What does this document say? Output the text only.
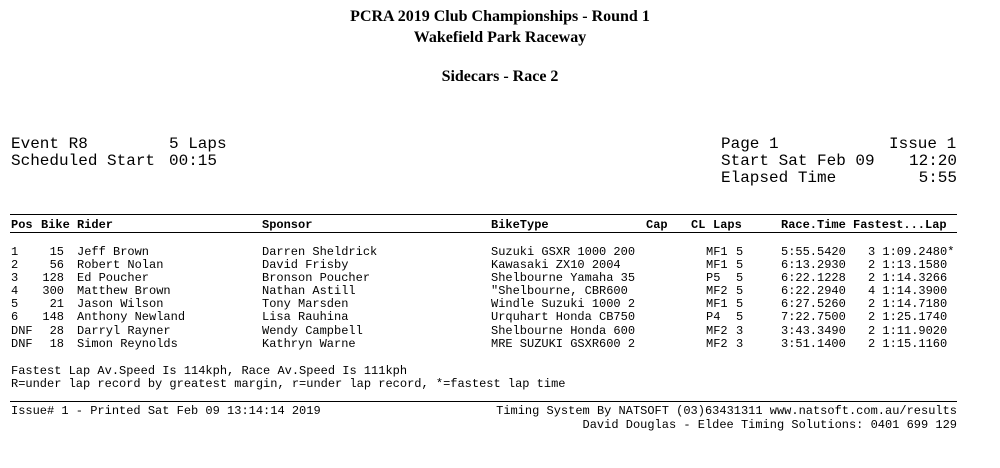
PCRA 2019 Club Championships - Round 1
Wakefield Park Raceway
Sidecars - Race 2
Event R8	5 Laps
Scheduled Start 00:15
Page 1	Issue 1
Start Sat Feb 09	12:20
Elapsed Time	5:55
Pos Bike Rider	Sponsor	BikeType	Cap CL Laps	Race.Time Fastest...Lap
1	15 Jeff Brown	Darren Sheldrick	Suzuki GSXR 1000 200	MF1 5	5:55.5420 3 1:09.2480*
2	56 Robert Nolan	David Frisby	Kawasaki ZX10 2004	MF1 5	6:13.2930 2 1:13.1580
3	128 Ed Poucher	Bronson Poucher	Shelbourne Yamaha 35	P5 5	6:22.1228 2 1:14.3266
4	300 Matthew Brown	Nathan Astill	"Shelbourne, CBR600	MF2 5	6:22.2940 4 1:14.3900
5	21 Jason Wilson	Tony Marsden	Windle Suzuki 1000 2	MF1 5	6:27.5260 2 1:14.7180
6	148 Anthony Newland	Lisa Rauhina	Urquhart Honda CB750	P4 5	7:22.7500 2 1:25.1740
DNF	28 Darryl Rayner	Wendy Campbell	Shelbourne Honda 600	MF2 3	3:43.3490 2 1:11.9020
DNF	18 Simon Reynolds	Kathryn Warne	MRE SUZUKI GSXR600 2	MF2 3	3:51.1400 2 1:15.1160
Fastest Lap Av.Speed Is 114kph, Race Av.Speed Is 111kph
R=under lap record by greatest margin, r=under lap record, *=fastest lap time
Issue# 1 - Printed Sat Feb 09 13:14:14 2019	Timing System By NATSOFT (03)63431311 www.natsoft.com.au/results
David Douglas - Eldee Timing Solutions: 0401 699 129
